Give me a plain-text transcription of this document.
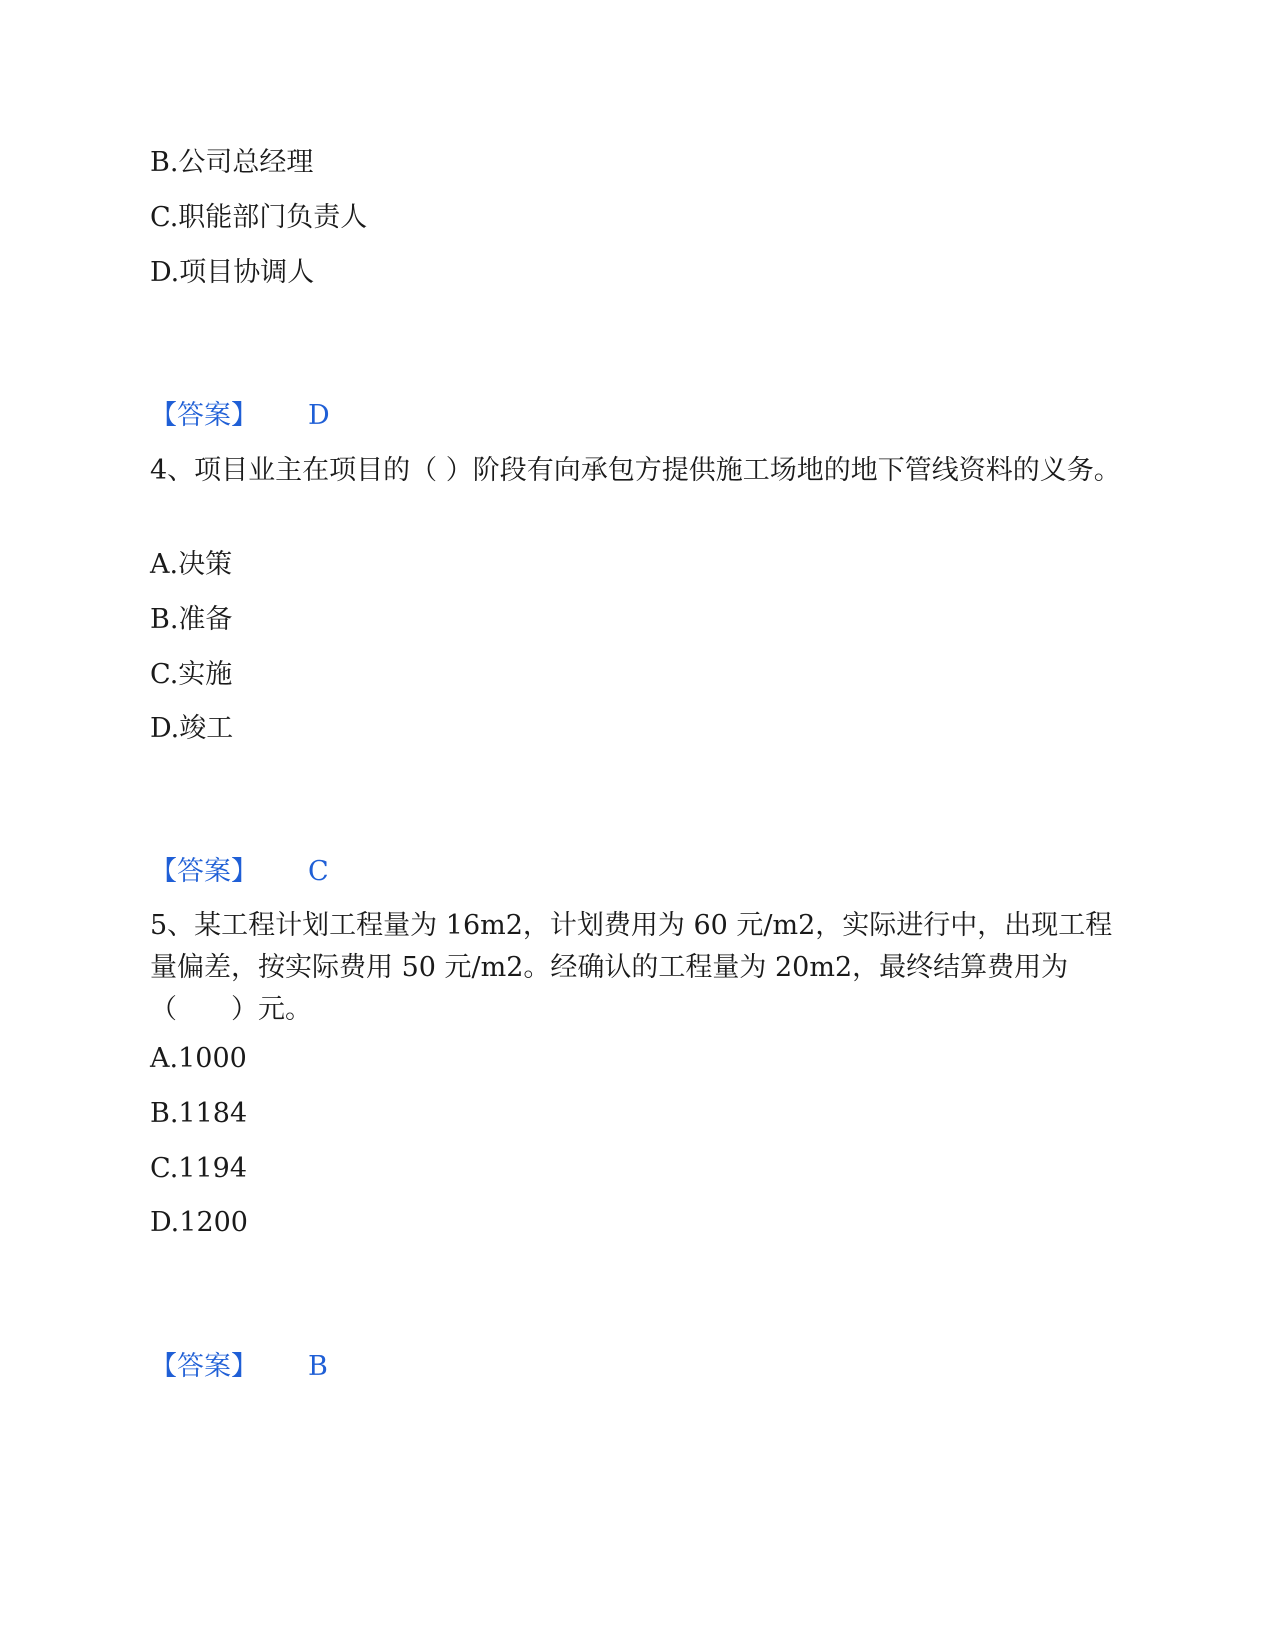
B.公司总经理
C.职能部门负责人
D.项目协调人
【答案】 D
4、项目业主在项目的（ ）阶段有向承包方提供施工场地的地下管线资料的义务。
A.决策
B.准备
C.实施
D.竣工
【答案】 C
5、某工程计划工程量为 16m2，计划费用为 60 元/m2，实际进行中，出现工程量偏差，按实际费用 50 元/m2。经确认的工程量为 20m2，最终结算费用为（　　）元。
A.1000
B.1184
C.1194
D.1200
【答案】 B
